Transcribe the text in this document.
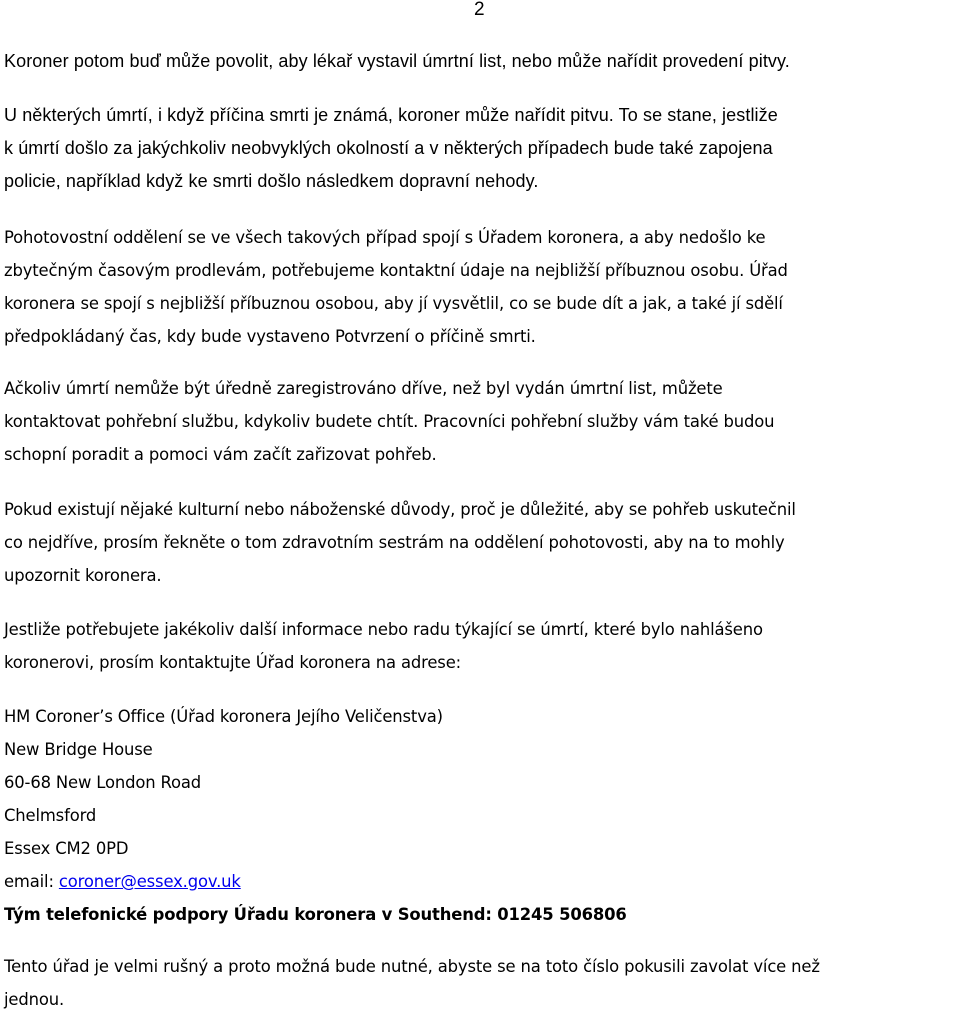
2
Koroner potom buď může povolit, aby lékař vystavil úmrtní list, nebo může nařídit provedení pitvy.
U některých úmrtí, i když příčina smrti je známá, koroner může nařídit pitvu. To se stane, jestliže
k úmrtí došlo za jakýchkoliv neobvyklých okolností a v některých případech bude také zapojena
policie, například když ke smrti došlo následkem dopravní nehody.
Pohotovostní oddělení se ve všech takových případ spojí s Úřadem koronera, a aby nedošlo ke
zbytečným časovým prodlevám, potřebujeme kontaktní údaje na nejbližší příbuznou osobu. Úřad
koronera se spojí s nejbližší příbuznou osobou, aby jí vysvětlil, co se bude dít a jak, a také jí sdělí
předpokládaný čas, kdy bude vystaveno Potvrzení o příčině smrti.
Ačkoliv úmrtí nemůže být úředně zaregistrováno dříve, než byl vydán úmrtní list, můžete
kontaktovat pohřební službu, kdykoliv budete chtít. Pracovníci pohřební služby vám také budou
schopní poradit a pomoci vám začít zařizovat pohřeb.
Pokud existují nějaké kulturní nebo náboženské důvody, proč je důležité, aby se pohřeb uskutečnil
co nejdříve, prosím řekněte o tom zdravotním sestrám na oddělení pohotovosti, aby na to mohly
upozornit koronera.
Jestliže potřebujete jakékoliv další informace nebo radu týkající se úmrtí, které bylo nahlášeno
koronerovi, prosím kontaktujte Úřad koronera na adrese:
HM Coroner’s Office (Úřad koronera Jejího Veličenstva)
New Bridge House
60-68 New London Road
Chelmsford
Essex CM2 0PD
email: coroner@essex.gov.uk
Tým telefonické podpory Úřadu koronera v Southend: 01245 506806
Tento úřad je velmi rušný a proto možná bude nutné, abyste se na toto číslo pokusili zavolat více než
jednou.
